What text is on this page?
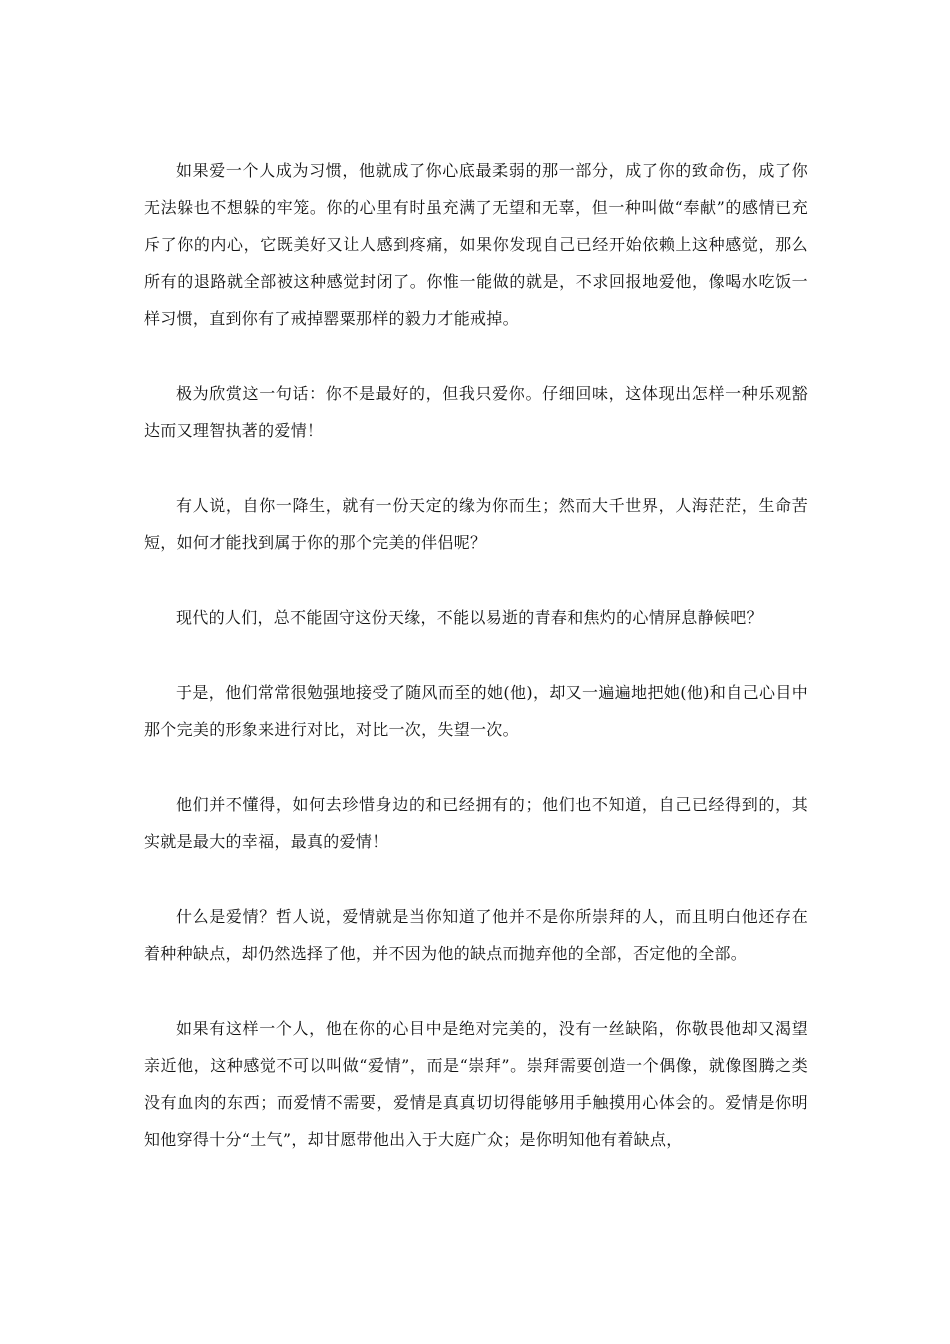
如果爱一个人成为习惯，他就成了你心底最柔弱的那一部分，成了你的致命伤，成了你无法躲也不想躲的牢笼。你的心里有时虽充满了无望和无辜，但一种叫做“奉献”的感情已充斥了你的内心，它既美好又让人感到疼痛，如果你发现自己已经开始依赖上这种感觉，那么所有的退路就全部被这种感觉封闭了。你惟一能做的就是，不求回报地爱他，像喝水吃饭一样习惯，直到你有了戒掉罂粟那样的毅力才能戒掉。

极为欣赏这一句话：你不是最好的，但我只爱你。仔细回味，这体现出怎样一种乐观豁达而又理智执著的爱情！

有人说，自你一降生，就有一份天定的缘为你而生；然而大千世界，人海茫茫，生命苦短，如何才能找到属于你的那个完美的伴侣呢？

现代的人们，总不能固守这份天缘，不能以易逝的青春和焦灼的心情屏息静候吧？

于是，他们常常很勉强地接受了随风而至的她(他)，却又一遍遍地把她(他)和自己心目中那个完美的形象来进行对比，对比一次，失望一次。

他们并不懂得，如何去珍惜身边的和已经拥有的；他们也不知道，自己已经得到的，其实就是最大的幸福，最真的爱情！

什么是爱情？哲人说，爱情就是当你知道了他并不是你所崇拜的人，而且明白他还存在着种种缺点，却仍然选择了他，并不因为他的缺点而抛弃他的全部，否定他的全部。

如果有这样一个人，他在你的心目中是绝对完美的，没有一丝缺陷，你敬畏他却又渴望亲近他，这种感觉不可以叫做“爱情”，而是“崇拜”。崇拜需要创造一个偶像，就像图腾之类没有血肉的东西；而爱情不需要，爱情是真真切切得能够用手触摸用心体会的。爱情是你明知他穿得十分“土气”，却甘愿带他出入于大庭广众；是你明知他有着缺点，
